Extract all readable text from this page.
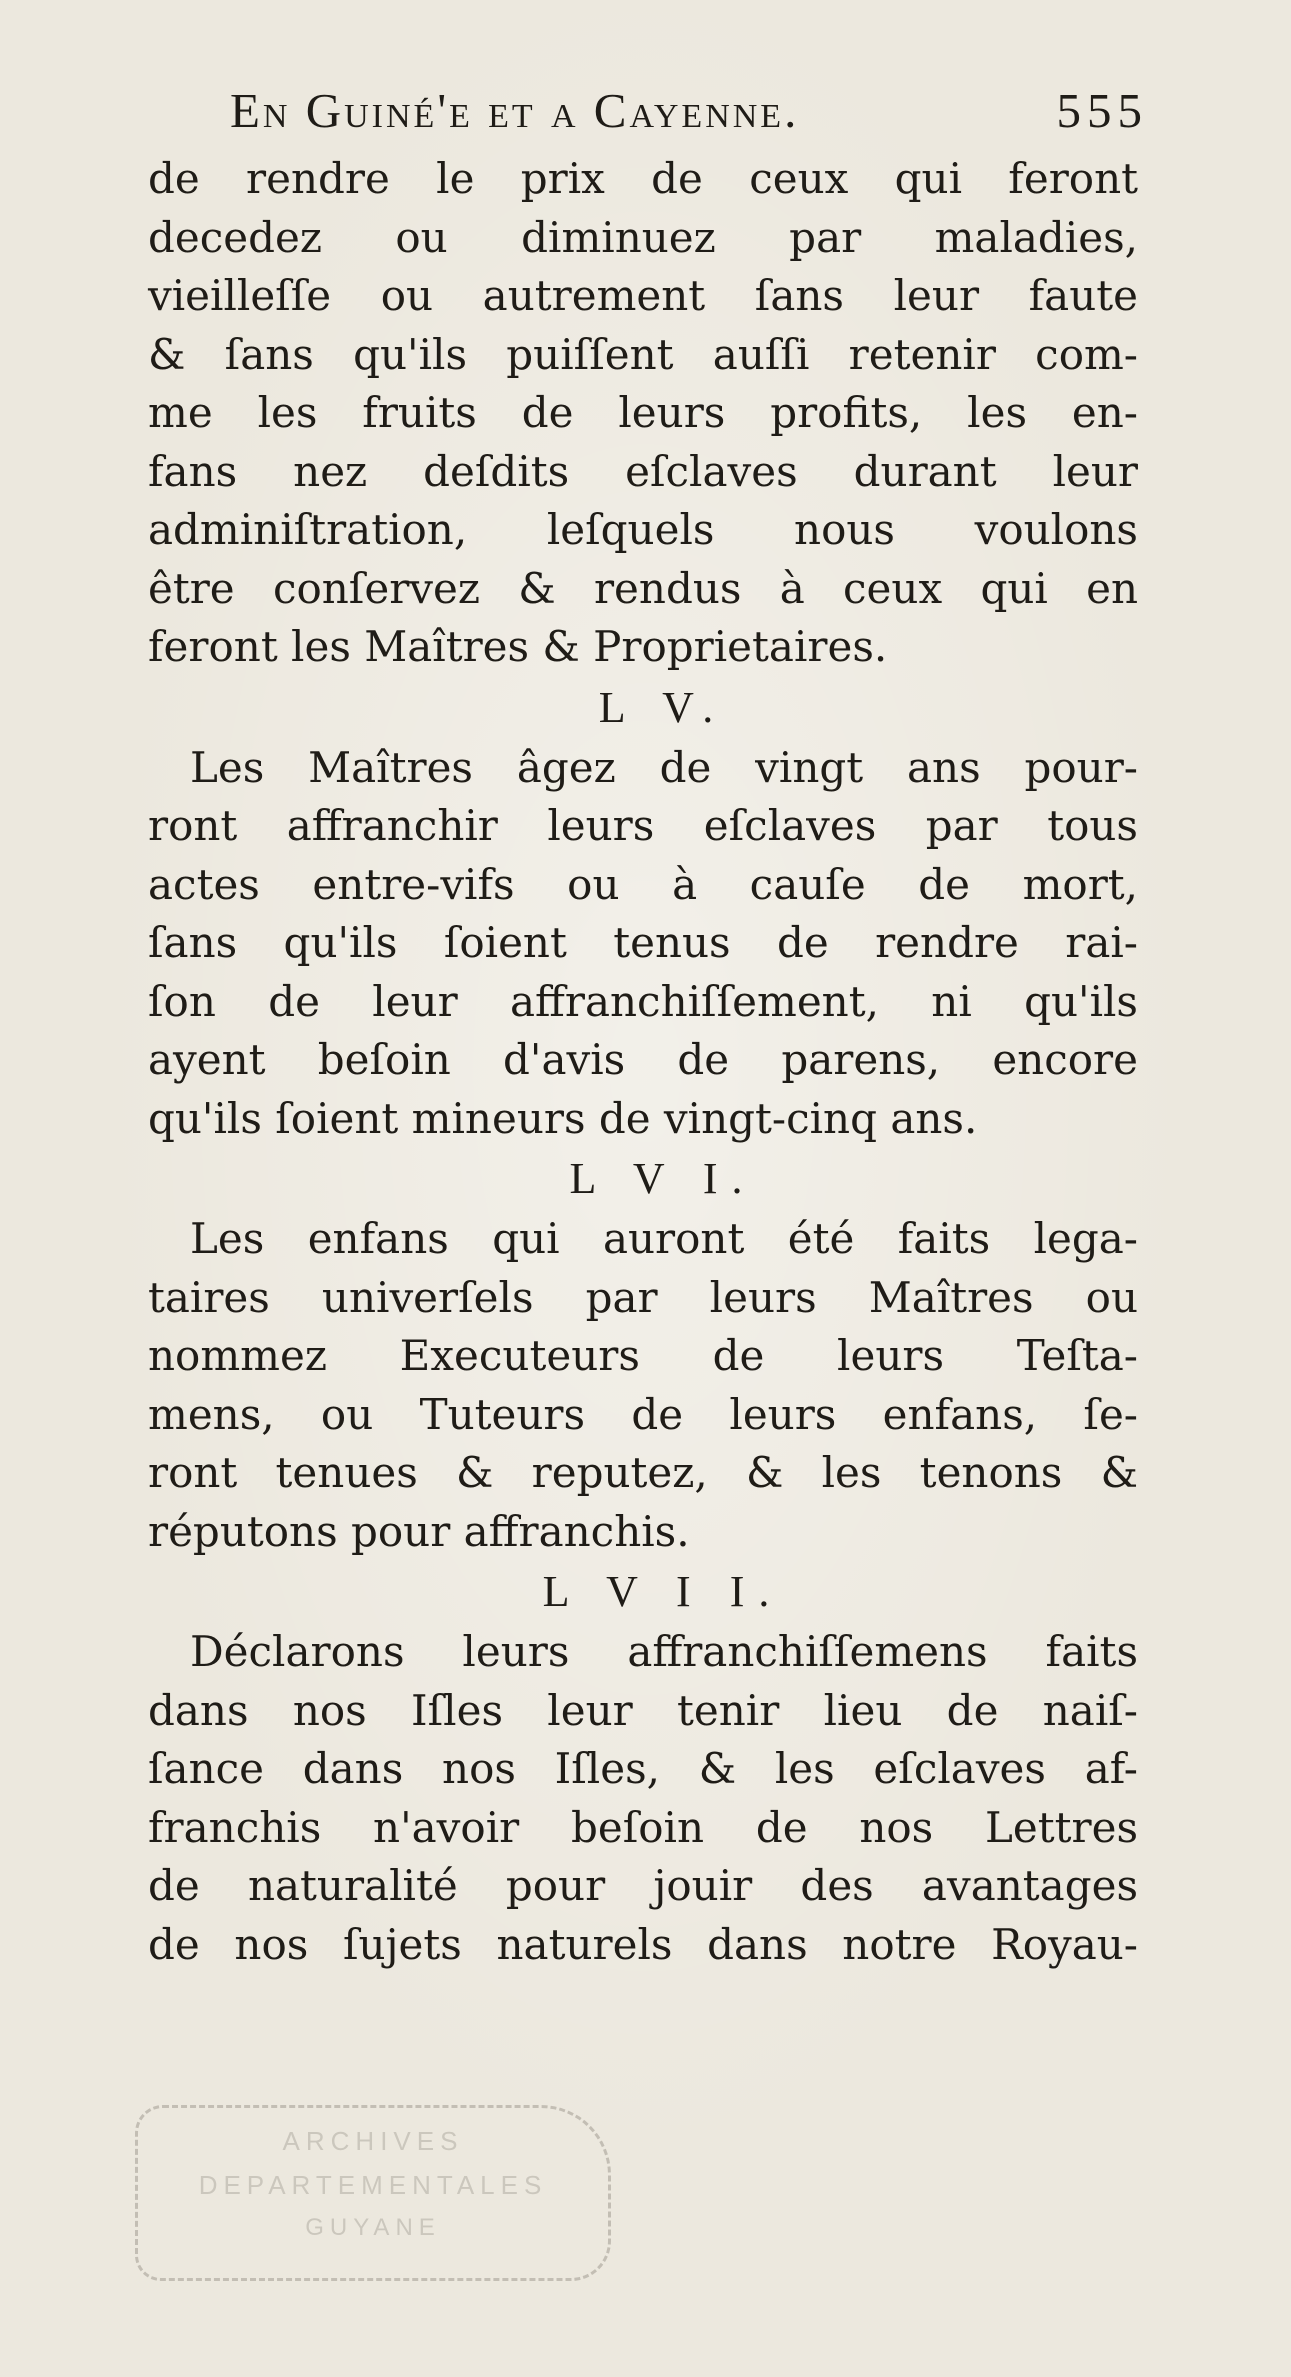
En Guiné'e et a Cayenne.	555
de rendre le prix de ceux qui feront
decedez ou diminuez par maladies,
vieilleſſe ou autrement ſans leur faute
& ſans qu'ils puiſſent auſſi retenir com-
me les fruits de leurs profits, les en-
fans nez deſdits eſclaves durant leur
adminiſtration, leſquels nous voulons
être conſervez & rendus à ceux qui en
feront les Maîtres & Proprietaires.
L V.
Les Maîtres âgez de vingt ans pour-
ront affranchir leurs eſclaves par tous
actes entre-vifs ou à cauſe de mort,
ſans qu'ils ſoient tenus de rendre rai-
ſon de leur affranchiſſement, ni qu'ils
ayent beſoin d'avis de parens, encore
qu'ils ſoient mineurs de vingt-cinq ans.
L V I.
Les enfans qui auront été faits lega-
taires univerſels par leurs Maîtres ou
nommez Executeurs de leurs Teſta-
mens, ou Tuteurs de leurs enfans, ſe-
ront tenues & reputez, & les tenons &
réputons pour affranchis.
L V I I.
Déclarons leurs affranchiſſemens faits
dans nos Iſles leur tenir lieu de naiſ-
ſance dans nos Iſles, & les eſclaves af-
franchis n'avoir beſoin de nos Lettres
de naturalité pour jouir des avantages
de nos ſujets naturels dans notre Royau-
ARCHIVES
DEPARTEMENTALES
GUYANE
